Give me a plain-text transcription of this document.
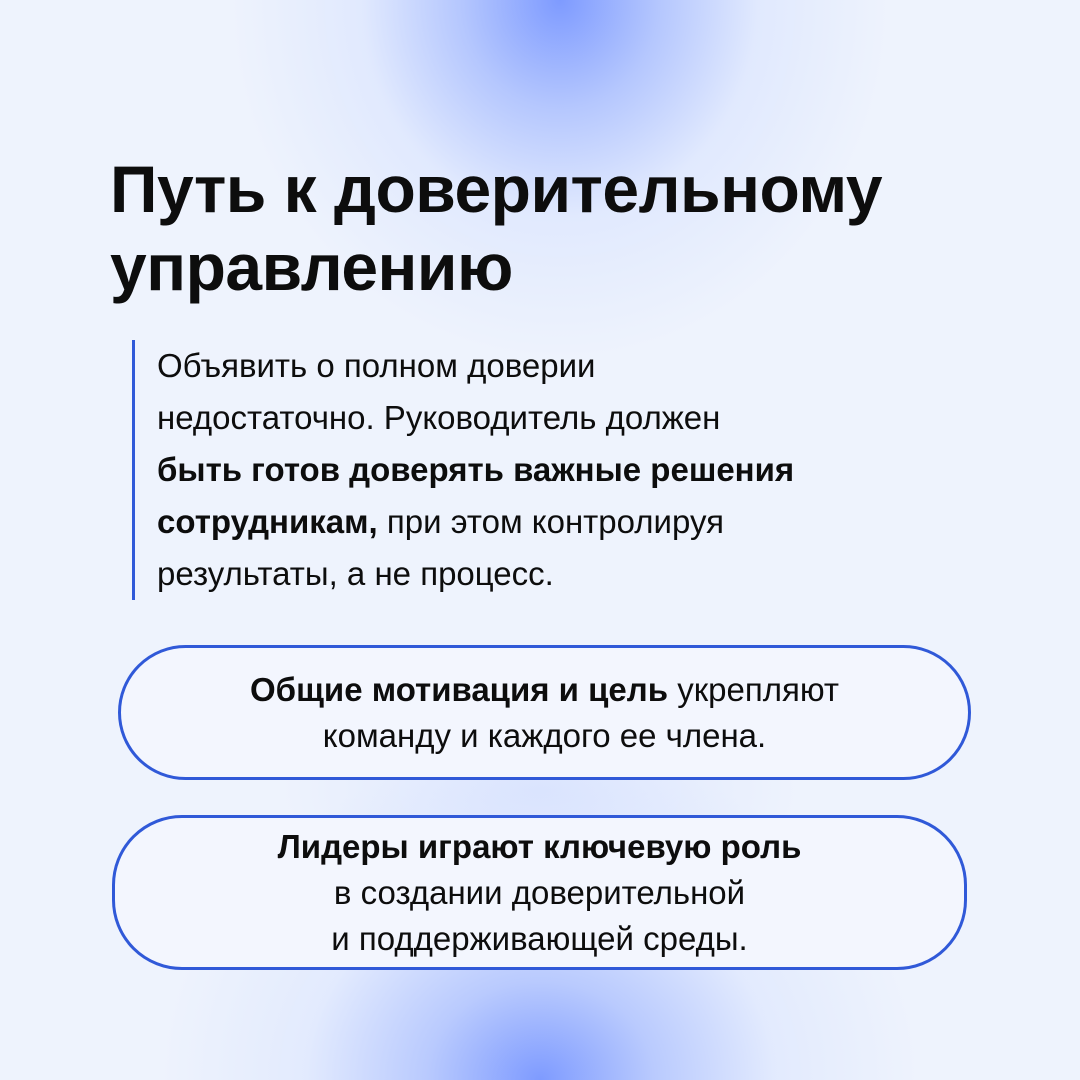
Путь к доверительному
управлению

Объявить о полном доверии
недостаточно. Руководитель должен
быть готов доверять важные решения
сотрудникам, при этом контролируя
результаты, а не процесс.

Общие мотивация и цель укрепляют
команду и каждого ее члена.

Лидеры играют ключевую роль
в создании доверительной
и поддерживающей среды.
